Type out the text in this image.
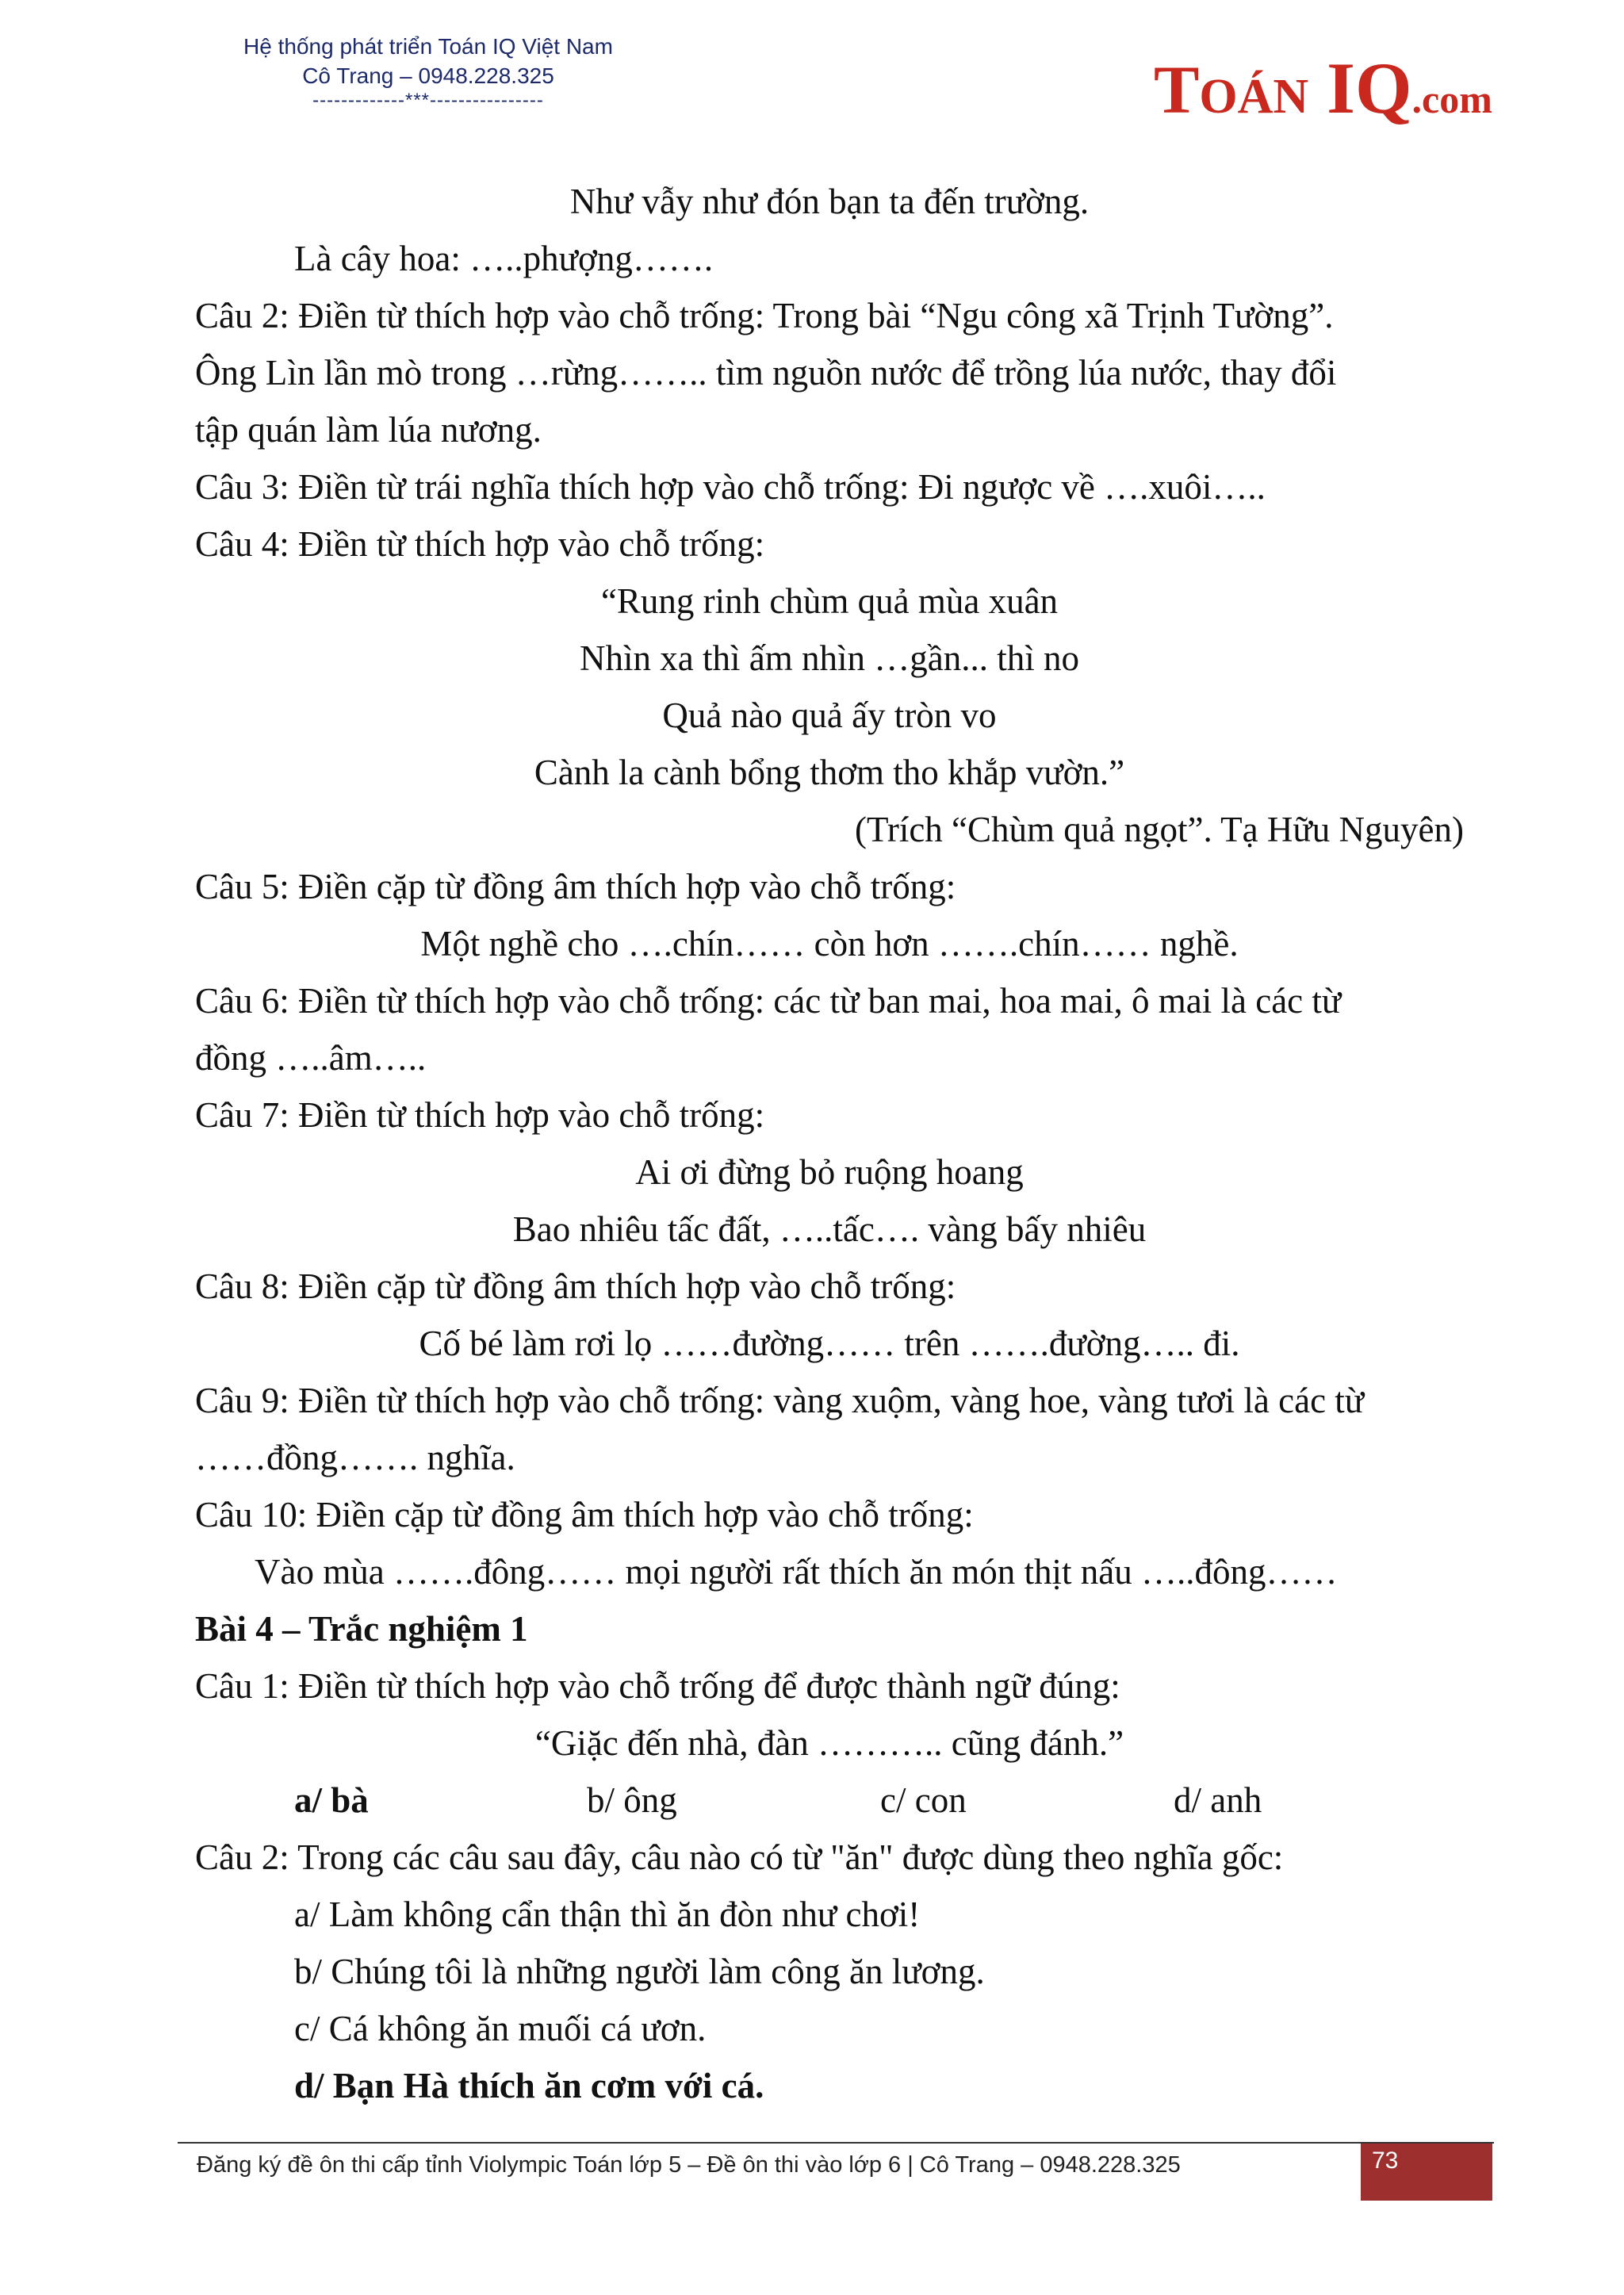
Hệ thống phát triển Toán IQ Việt Nam
Cô Trang – 0948.228.325
-------------***----------------	TOÁN IQ.com
Như vẫy như đón bạn ta đến trường.
Là cây hoa: …..phượng…….
Câu 2: Điền từ thích hợp vào chỗ trống: Trong bài “Ngu công xã Trịnh Tường”.
Ông Lìn lần mò trong …rừng…….. tìm nguồn nước để trồng lúa nước, thay đổi
tập quán làm lúa nương.
Câu 3: Điền từ trái nghĩa thích hợp vào chỗ trống: Đi ngược về ….xuôi…..
Câu 4: Điền từ thích hợp vào chỗ trống:
“Rung rinh chùm quả mùa xuân
Nhìn xa thì ấm nhìn …gần... thì no
Quả nào quả ấy tròn vo
Cành la cành bổng thơm tho khắp vườn.”
(Trích “Chùm quả ngọt”. Tạ Hữu Nguyên)
Câu 5: Điền cặp từ đồng âm thích hợp vào chỗ trống:
Một nghề cho ….chín…… còn hơn …….chín…… nghề.
Câu 6: Điền từ thích hợp vào chỗ trống: các từ ban mai, hoa mai, ô mai là các từ
đồng …..âm…..
Câu 7: Điền từ thích hợp vào chỗ trống:
Ai ơi đừng bỏ ruộng hoang
Bao nhiêu tấc đất, …..tấc…. vàng bấy nhiêu
Câu 8: Điền cặp từ đồng âm thích hợp vào chỗ trống:
Cố bé làm rơi lọ ……đường…… trên …….đường….. đi.
Câu 9: Điền từ thích hợp vào chỗ trống: vàng xuộm, vàng hoe, vàng tươi là các từ
……đồng……. nghĩa.
Câu 10: Điền cặp từ đồng âm thích hợp vào chỗ trống:
Vào mùa …….đông…… mọi người rất thích ăn món thịt nấu …..đông……
Bài 4 – Trắc nghiệm 1
Câu 1: Điền từ thích hợp vào chỗ trống để được thành ngữ đúng:
“Giặc đến nhà, đàn ……….. cũng đánh.”
a/ bà	b/ ông	c/ con	d/ anh
Câu 2: Trong các câu sau đây, câu nào có từ "ăn" được dùng theo nghĩa gốc:
a/ Làm không cẩn thận thì ăn đòn như chơi!
b/ Chúng tôi là những người làm công ăn lương.
c/ Cá không ăn muối cá ươn.
d/ Bạn Hà thích ăn cơm với cá.
Đăng ký đề ôn thi cấp tỉnh Violympic Toán lớp 5 – Đề ôn thi vào lớp 6 | Cô Trang – 0948.228.325	73
